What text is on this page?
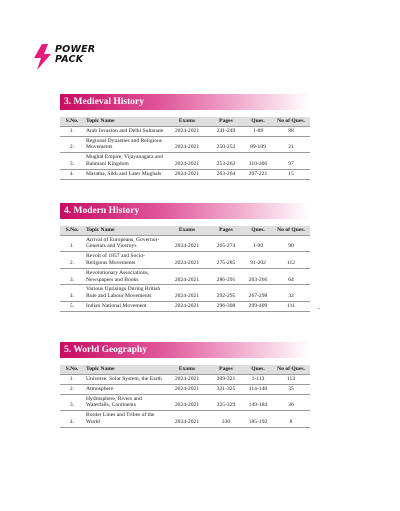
POWER
PACK
3. Medieval History
S.No.	Topic Name	Exams	Pages	Ques.	No of Ques.
1.	Arab Invasion and Delhi Sultanate	2024-2021	241-249	1-88	88
2.	Regional Dynasties and Religious Movements	2024-2021	250-252	89-109	21
3.	Mughal Empire, Vijayanagara and Bahmani Kingdom	2024-2021	253-262	110-206	97
4.	Maratha, Sikh and Later Mughals	2024-2021	263-264	207-221	15
4. Modern History
S.No.	Topic Name	Exams	Pages	Ques.	No of Ques.
1.	Arrival of Europeans, Governor-Generals and Viceroys	2024-2021	265-274	1-90	90
2.	Revolt of 1857 and Socio-Religious Movements	2024-2021	275-285	91-202	112
3.	Revolutionary Associations, Newspapers and Books	2024-2021	286-291	203-266	64
4.	Various Uprisings During British Rule and Labour Movements	2024-2021	292-295	267-298	32
5.	Indian National Movement	2024-2021	296-308	299-409	111
5. World Geography
S.No.	Topic Name	Exams	Pages	Ques.	No of Ques.
1.	Universe, Solar System, the Earth	2024-2021	309-321	1-113	113
2.	Atmosphere	2024-2021	321-325	114-148	35
3.	Hydrosphere, Rivers and Waterfalls, Continents	2024-2021	325-329	149-184	36
4.	Border Lines and Tribes of the World	2024-2021	330	185-192	8
